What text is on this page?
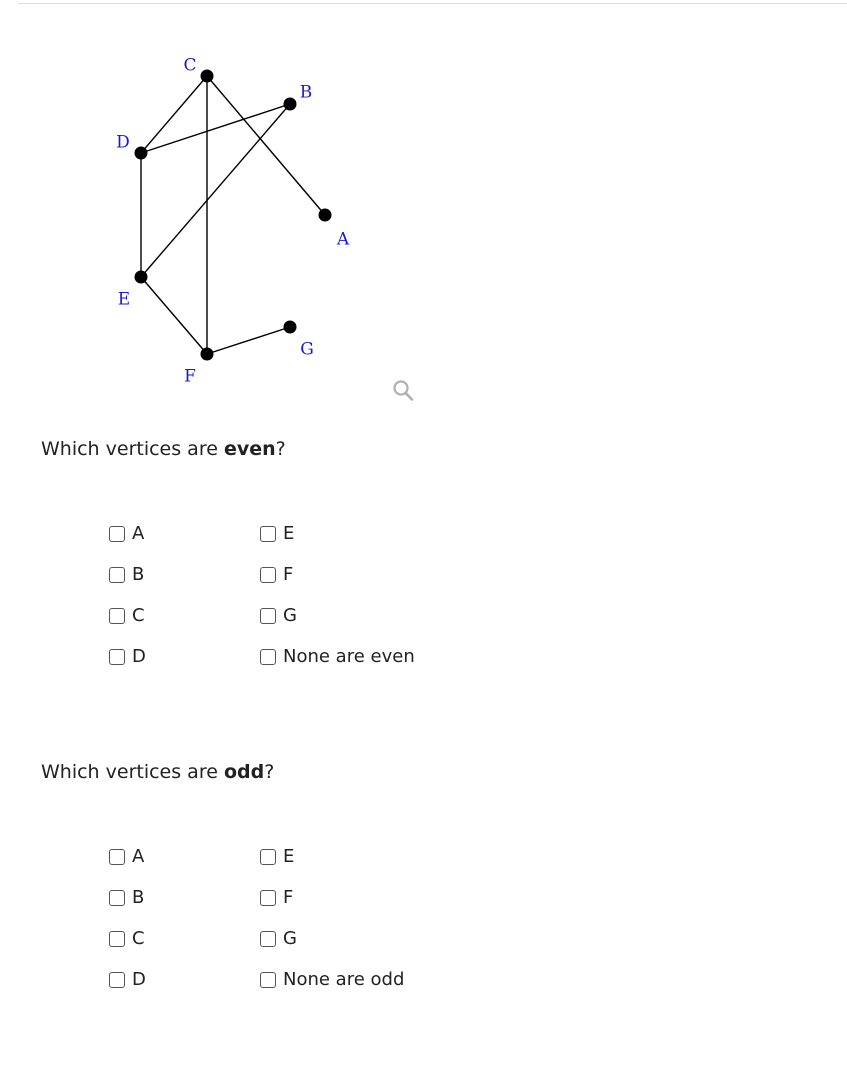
A
B
C
D
E
F
G
Which vertices are even?
A
B
C
D
E
F
G
None are even
Which vertices are odd?
A
B
C
D
E
F
G
None are odd
